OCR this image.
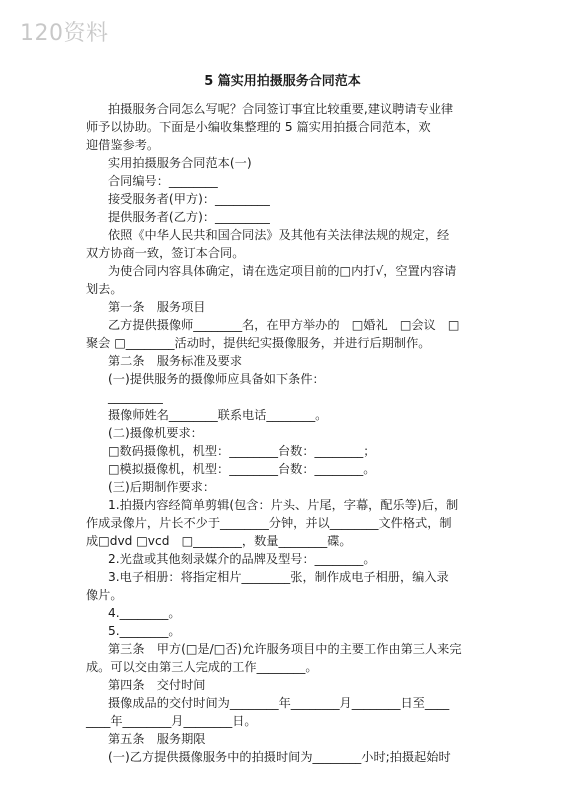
120资料
5 篇实用拍摄服务合同范本
拍摄服务合同怎么写呢？合同签订事宜比较重要,建议聘请专业律
师予以协助。下面是小编收集整理的 5 篇实用拍摄合同范本，欢
迎借鉴参考。
实用拍摄服务合同范本(一)
合同编号：________
接受服务者(甲方)：_________
提供服务者(乙方)：_________
依照《中华人民共和国合同法》及其他有关法律法规的规定，经
双方协商一致，签订本合同。
为使合同内容具体确定，请在选定项目前的□内打√，空置内容请
划去。
第一条　服务项目
乙方提供摄像师________名，在甲方举办的　□婚礼　□会议　□
聚会 □________活动时，提供纪实摄像服务，并进行后期制作。
第二条　服务标准及要求
(一)提供服务的摄像师应具备如下条件：
_________
摄像师姓名________联系电话________。
(二)摄像机要求：
□数码摄像机，机型：________台数：________；
□模拟摄像机，机型：________台数：________。
(三)后期制作要求：
1.拍摄内容经简单剪辑(包含：片头、片尾，字幕，配乐等)后，制
作成录像片，片长不少于________分钟，并以________文件格式，制
成□dvd □vcd　□________，数量________碟。
2.光盘或其他刻录媒介的品牌及型号：________。
3.电子相册：将指定相片________张，制作成电子相册，编入录
像片。
4.________。
5.________。
第三条　甲方(□是/□否)允许服务项目中的主要工作由第三人来完
成。可以交由第三人完成的工作________。
第四条　交付时间
摄像成品的交付时间为________年________月________日至____
____年________月________日。
第五条　服务期限
(一)乙方提供摄像服务中的拍摄时间为________小时;拍摄起始时
